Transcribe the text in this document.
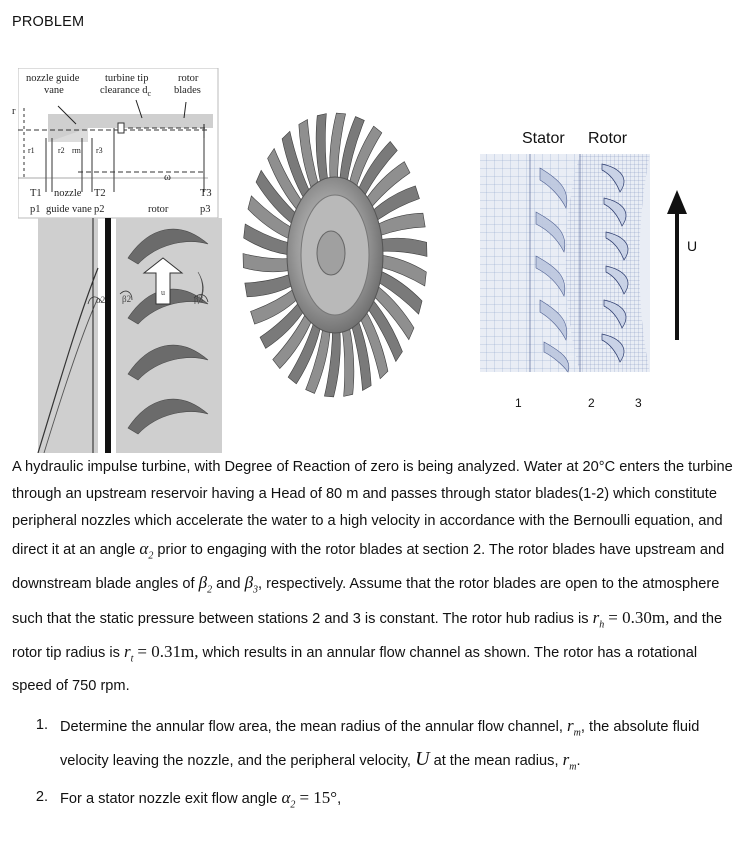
PROBLEM
nozzle guide
vane
turbine tip
clearance $d_c$
rotor
blades
r
r1	r2 rm r3
ω
T1 nozzle T2	T3
p1 guide vane p2	rotor	p3
α2 β2
u
β3
Stator Rotor
U
1	2	3

A hydraulic impulse turbine, with Degree of Reaction of zero is being analyzed. Water at 20°C enters the turbine through an upstream reservoir having a Head of 80 m and passes through stator blades(1-2) which constitute peripheral nozzles which accelerate the water to a high velocity in accordance with the Bernoulli equation, and direct it at an angle $\alpha_2$ prior to engaging with the rotor blades at section 2. The rotor blades have upstream and downstream blade angles of $\beta_2$ and $\beta_3$, respectively. Assume that the rotor blades are open to the atmosphere such that the static pressure between stations 2 and 3 is constant. The rotor hub radius is $r_h = 0.30m$, and the rotor tip radius is $r_t = 0.31m$, which results in an annular flow channel as shown. The rotor has a rotational speed of 750 rpm.

1. Determine the annular flow area, the mean radius of the annular flow channel, $r_m$, the absolute fluid velocity leaving the nozzle, and the peripheral velocity, U at the mean radius, $r_m$.
2. For a stator nozzle exit flow angle $\alpha_2 = 15^\circ$,
